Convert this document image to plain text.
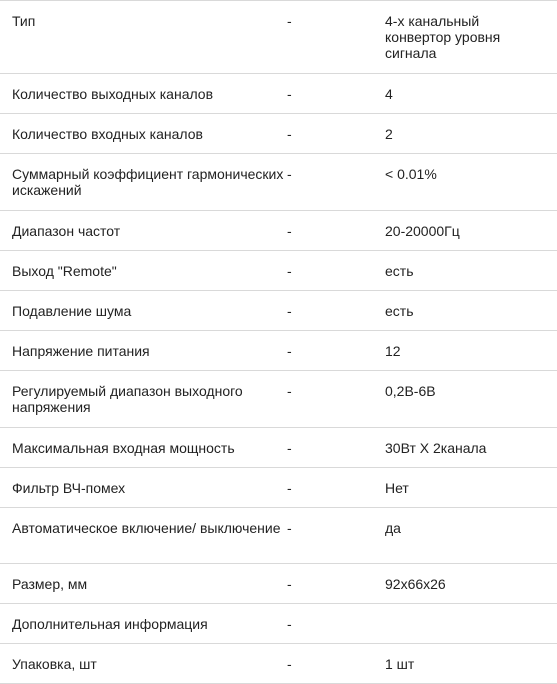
Тип	-	4-х канальный конвертор уровня сигнала
Количество выходных каналов	-	4
Количество входных каналов	-	2
Суммарный коэффициент гармонических искажений	-	< 0.01%
Диапазон частот	-	20-20000Гц
Выход "Remote"	-	есть
Подавление шума	-	есть
Напряжение питания	-	12
Регулируемый диапазон выходного напряжения	-	0,2В-6В
Максимальная входная мощность	-	30Вт X 2канала
Фильтр ВЧ-помех	-	Нет
Автоматическое включение/ выключение	-	да
Размер, мм	-	92х66х26
Дополнительная информация	-	
Упаковка, шт	-	1 шт
